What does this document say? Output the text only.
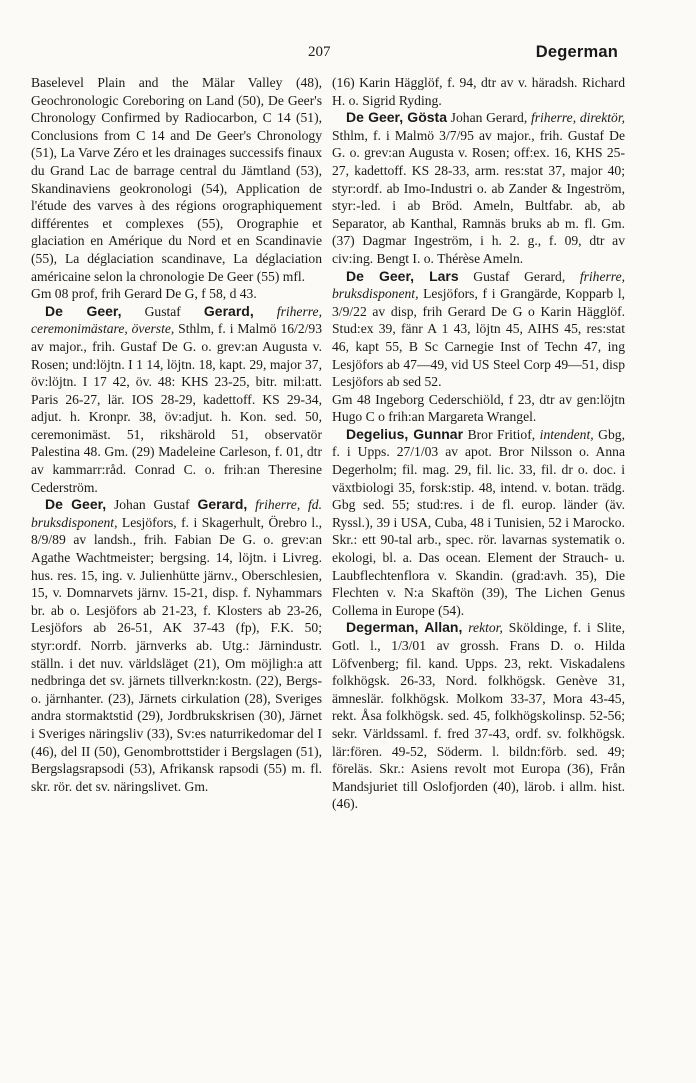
207	Degerman

Baselevel Plain and the Mälar Valley (48), Geochronologic Coreboring on Land (50), De Geer's Chronology Confirmed by Radiocarbon, C 14 (51), Conclusions from C 14 and De Geer's Chronology (51), La Varve Zéro et les drainages successifs finaux du Grand Lac de barrage central du Jämtland (53), Skandinaviens geokronologi (54), Application de l'étude des varves à des régions orographiquement différentes et complexes (55), Orographie et glaciation en Amérique du Nord et en Scandinavie (55), La déglaciation scandinave, La déglaciation américaine selon la chronologie De Geer (55) mfl.

Gm 08 prof, frih Gerard De G, f 58, d 43.

De Geer, Gustaf Gerard, friherre, ceremonimästare, överste, Sthlm, f. i Malmö 16/2/93 av major., frih. Gustaf De G. o. grev:an Augusta v. Rosen; und:löjtn. I 1 14, löjtn. 18, kapt. 29, major 37, öv:löjtn. I 17 42, öv. 48: KHS 23-25, bitr. mil:att. Paris 26-27, lär. IOS 28-29, kadettoff. KS 29-34, adjut. h. Kronpr. 38, öv:adjut. h. Kon. sed. 50, ceremonimäst. 51, rikshärold 51, observatör Palestina 48. Gm. (29) Madeleine Carleson, f. 01, dtr av kammarr:råd. Conrad C. o. frih:an Theresine Cederström.

De Geer, Johan Gustaf Gerard, friherre, fd. bruksdisponent, Lesjöfors, f. i Skagerhult, Örebro l., 8/9/89 av landsh., frih. Fabian De G. o. grev:an Agathe Wachtmeister; bergsing. 14, löjtn. i Livreg. hus. res. 15, ing. v. Julienhütte järnv., Oberschlesien, 15, v. Domnarvets järnv. 15-21, disp. f. Nyhammars br. ab o. Lesjöfors ab 21-23, f. Klosters ab 23-26, Lesjöfors ab 26-51, AK 37-43 (fp), F.K. 50; styr:ordf. Norrb. järnverks ab. Utg.: Järnindustr. ställn. i det nuv. världsläget (21), Om möjligh:a att nedbringa det sv. järnets tillverkn:kostn. (22), Bergs- o. järnhanter. (23), Järnets cirkulation (28), Sveriges andra stormaktstid (29), Jordbrukskrisen (30), Järnet i Sveriges näringsliv (33), Sv:es naturrikedomar del I (46), del II (50), Genombrottstider i Bergslagen (51), Bergslagsrapsodi (53), Afrikansk rapsodi (55) m. fl. skr. rör. det sv. näringslivet. Gm.

(16) Karin Hägglöf, f. 94, dtr av v. häradsh. Richard H. o. Sigrid Ryding.

De Geer, Gösta Johan Gerard, friherre, direktör, Sthlm, f. i Malmö 3/7/95 av major., frih. Gustaf De G. o. grev:an Augusta v. Rosen; off:ex. 16, KHS 25-27, kadettoff. KS 28-33, arm. res:stat 37, major 40; styr:ordf. ab Imo-Industri o. ab Zander & Ingeström, styr:-led. i ab Bröd. Ameln, Bultfabr. ab, ab Separator, ab Kanthal, Ramnäs bruks ab m. fl. Gm. (37) Dagmar Ingeström, i h. 2. g., f. 09, dtr av civ:ing. Bengt I. o. Thérèse Ameln.

De Geer, Lars Gustaf Gerard, friherre, bruksdisponent, Lesjöfors, f i Grangärde, Kopparb l, 3/9/22 av disp, frih Gerard De G o Karin Hägglöf. Stud:ex 39, fänr A 1 43, löjtn 45, AIHS 45, res:stat 46, kapt 55, B Sc Carnegie Inst of Techn 47, ing Lesjöfors ab 47—49, vid US Steel Corp 49—51, disp Lesjöfors ab sed 52.

Gm 48 Ingeborg Cederschiöld, f 23, dtr av gen:löjtn Hugo C o frih:an Margareta Wrangel.

Degelius, Gunnar Bror Fritiof, intendent, Gbg, f. i Upps. 27/1/03 av apot. Bror Nilsson o. Anna Degerholm; fil. mag. 29, fil. lic. 33, fil. dr o. doc. i växtbiologi 35, forsk:stip. 48, intend. v. botan. trädg. Gbg sed. 55; stud:res. i de fl. europ. länder (äv. Ryssl.), 39 i USA, Cuba, 48 i Tunisien, 52 i Marocko. Skr.: ett 90-tal arb., spec. rör. lavarnas systematik o. ekologi, bl. a. Das ocean. Element der Strauch- u. Laubflechtenflora v. Skandin. (grad:avh. 35), Die Flechten v. N:a Skaftön (39), The Lichen Genus Collema in Europe (54).

Degerman, Allan, rektor, Sköldinge, f. i Slite, Gotl. l., 1/3/01 av grossh. Frans D. o. Hilda Löfvenberg; fil. kand. Upps. 23, rekt. Viskadalens folkhögsk. 26-33, Nord. folkhögsk. Genève 31, ämneslär. folkhögsk. Molkom 33-37, Mora 43-45, rekt. Åsa folkhögsk. sed. 45, folkhögskolinsp. 52-56; sekr. Världssaml. f. fred 37-43, ordf. sv. folkhögsk. lär:fören. 49-52, Söderm. l. bildn:förb. sed. 49; föreläs. Skr.: Asiens revolt mot Europa (36), Från Mandsjuriet till Oslofjorden (40), lärob. i allm. hist. (46).
